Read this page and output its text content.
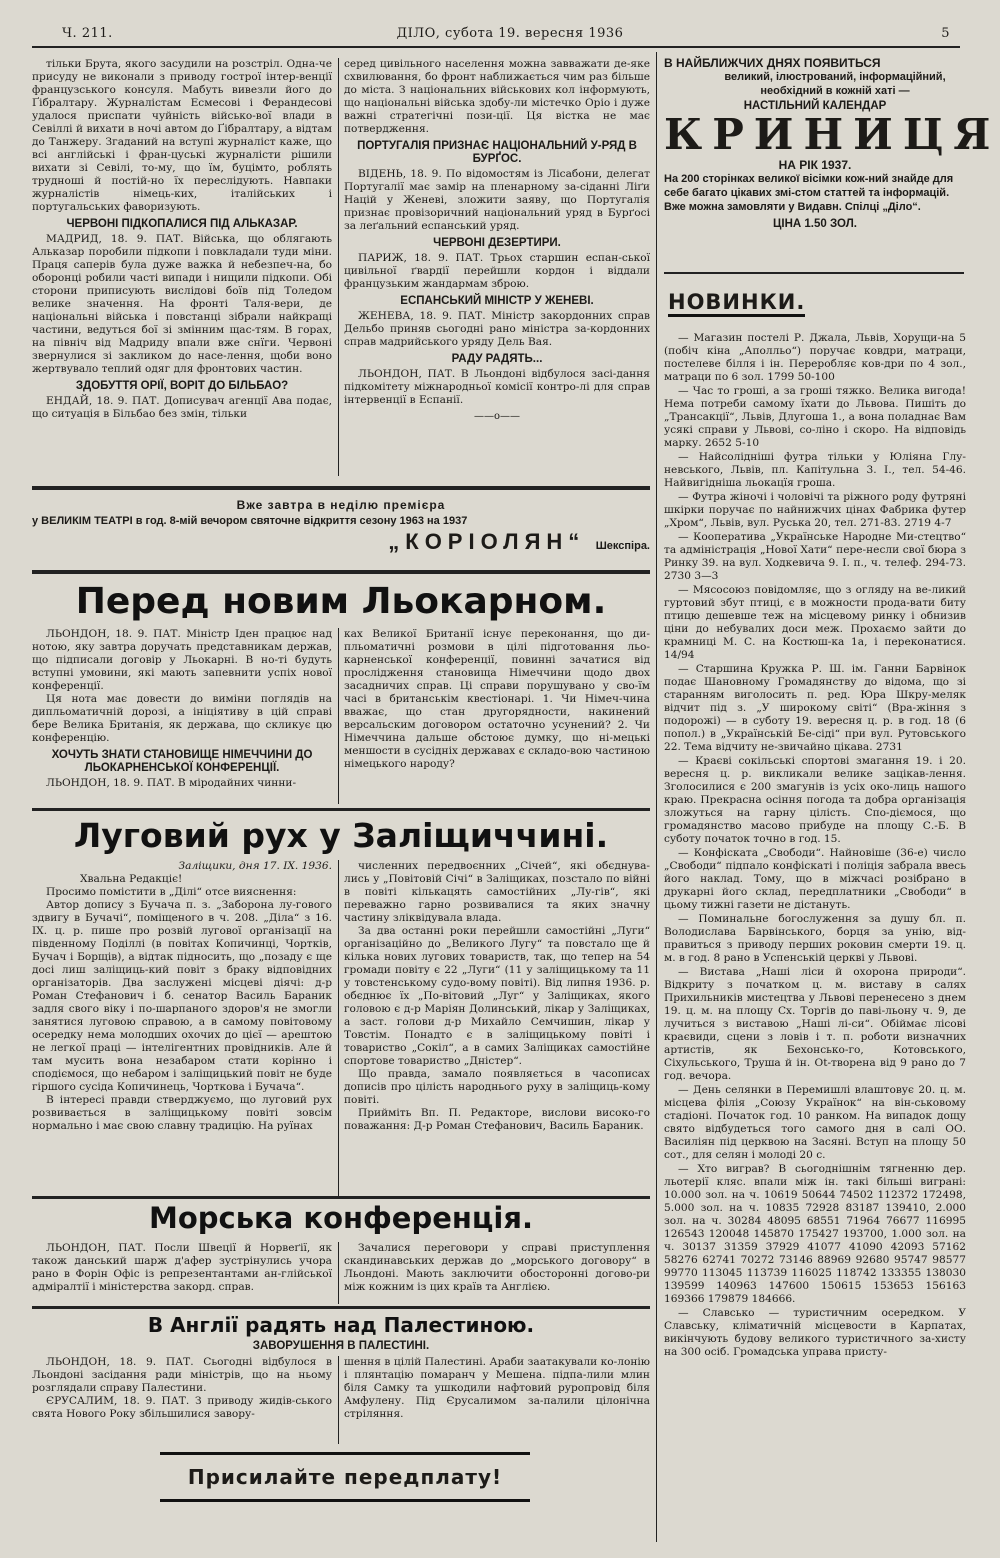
Ч. 211.	ДІЛО, субота 19. вересня 1936	5

тільки Брута, якого засудили на розстріл. Одна-че присуду не виконали з приводу гострої інтер-венції французського консуля. Мабуть вивезли його до Ґібралтару. Журналістам Есмесові і Ферандесові удалося приспати чуйність військо-вої влади в Севіллі й вихати в ночі автом до Ґібралтару, а відтам до Танжеру. Згаданий на вступі журналіст каже, що всі англійські і фран-цуські журналісти рішили вихати зі Севілі, то-му, що їм, буцімто, роблять трудноші й постій-но їх переслідують. Навпаки журналістів німець-ких, італійських і португальських фаворизують.

ЧЕРВОНІ ПІДКОПАЛИСЯ ПІД АЛЬКАЗАР.

МАДРИД, 18. 9. ПАТ. Війська, що облягають Альказар поробили підкопи і повкладали туди міни. Праця саперів була дуже важка й небезпеч-на, бо оборонці робили часті випади і нищили підкопи. Обі сторони приписують вислідові боїв під Толедом велике значення. На фронті Таля-вери, де національні війська і повстанці зібрали найкращі частини, ведуться бої зі змінним щас-тям. В горах, на північ від Мадриду впали вже снїги. Червоні звернулися зі закликом до насе-лення, щоби воно жертвувало теплий одяг для фронтових частин.

ЗДОБУТТЯ ОРІЇ, ВОРІТ ДО БІЛЬБАО?

ЕНДАЙ, 18. 9. ПАТ. Дописувач агенції Ава подає, що ситуація в Більбао без змін, тільки

серед цивільного населення можна завважати де-яке схвилювання, бо фронт наближається чим раз більше до міста. З національних військових кол інформують, що національні війська здобу-ли містечко Оріо і дуже важні стратегічні пози-ції. Ця вістка не має потвердження.

ПОРТУГАЛІЯ ПРИЗНАЄ НАЦІОНАЛЬНИЙ У-РЯД В БУРҐОС.

ВІДЕНЬ, 18. 9. По відомостям із Лісабони, делегат Португалії має замір на пленарному за-сіданні Ліґи Націй у Женеві, зложити заяву, що Португалія признає провізоричний національний уряд в Бурґосі за леґальний еспанський уряд.

ЧЕРВОНІ ДЕЗЕРТИРИ.

ПАРИЖ, 18. 9. ПАТ. Трьох старшин еспан-ської цивільної ґвардії перейшли кордон і віддали французьким жандармам зброю.

ЕСПАНСЬКИЙ МІНІСТР У ЖЕНЕВІ.

ЖЕНЕВА, 18. 9. ПАТ. Міністр закордонних справ Дельбо приняв сьогодні рано міністра за-кордонних справ мадрийського уряду Дель Вая.

РАДУ РАДЯТЬ...

ЛЬОНДОН, ПАТ. В Льондоні відбулося засі-дання підкомітету міжнародньої комісії контро-лі для справ інтервенції в Еспанії.

——o——

В НАЙБЛИЖЧИХ ДНЯХ ПОЯВИТЬСЯ

великий, ілюстрований, інформаційний, необхідний в кожній хаті —

НАСТІЛЬНИЙ КАЛЕНДАР

КРИНИЦЯ

НА РІК 1937.

На 200 сторінках великої вісімки кож-ний знайде для себе багато цікавих змі-стом статтей та інформацій.

Вже можна замовляти у Видавн. Спілці „Діло“.

ЦІНА 1.50 ЗОЛ.

НОВИНКИ.

— Магазин постелі Р. Джала, Львів, Хорущи-на 5 (побіч кіна „Аполльо“) поручає ковдри, матраци, постелеве білля і ін. Переробляє ков-дри по 4 зол., матраци по 6 зол. 1799 50-100

— Час то гроші, а за гроші тяжко. Велика вигода! Нема потреби самому їхати до Львова. Пишіть до „Трансакції“, Львів, Длугоша 1., а вона поладнає Вам усякі справи у Львові, со-ліно і скоро. На відповідь марку. 2652 5-10

— Найсолідніші футра тільки у Юліяна Глу-невського, Львів, пл. Капітульна 3. І., тел. 54-46. Найвигідніша льокацїя гроша.

— Футра жіночі і чоловічі та ріжного роду футряні шкірки поручає по найнижчих цінах Фабрика футер „Хром“, Львів, вул. Руська 20, тел. 271-83. 2719 4-7

— Кооператива „Українське Народне Ми-стецтво“ та адміністрація „Нової Хати“ пере-несли свої бюра з Ринку 39. на вул. Ходкевича 9. І. п., ч. телеф. 294-73. 2730 3—3

— Мясосоюз повідомляє, що з огляду на ве-ликий гуртовий збут птиці, є в можности прода-вати биту птицю дешевше теж на місцевому ринку і обнизив ціни до небувалих доси меж. Прохаємо зайти до крамниці М. С. на Костюш-ка 1а, і переконатися. 14/94

— Старшина Кружка Р. Ш. ім. Ганни Барвінок подає Шановному Громадянству до відома, що зі старанням виголосить п. ред. Юра Шкру-меляк відчит під з. „У широкому світі“ (Вра-жіння з подорожі) — в суботу 19. вересня ц. р. в год. 18 (6 попол.) в „Українській Бе-сіді“ при вул. Рутовського 22. Тема відчиту не-звичайно цікава. 2731

— Краєві сокільські спортові змагання 19. і 20. вересня ц. р. викликали велике зацікав-лення. Зголосилися є 200 змагунів із усіх око-лиць нашого краю. Прекрасна осіння погода та добра організація зложуться на гарну цілість. Спо-діємося, що громадянство масово прибуде на площу С.-Б. В суботу початок точно в год. 15.

— Конфіската „Свободи“. Найновіше (36-е) число „Свободи“ підпало конфіскаті і поліція забрала ввесь його наклад. Тому, що в міжчасі розібрано в друкарні його склад, передплатники „Свободи“ в цьому тижні газети не дістануть.

— Поминальне богослуження за душу бл. п. Володислава Барвінського, борця за унію, від-правиться з приводу перших роковин смерти 19. ц. м. в год. 8 рано в Успенській церкві у Львові.

— Вистава „Наші ліси й охорона природи“. Відкриту з початком ц. м. виставу в салях Прихильників мистецтва у Львові перенесено з днем 19. ц. м. на площу Сх. Торгів до паві-льону ч. 9, де лучиться з виставою „Наші лі-си“. Обіймає лісові краєвиди, сцени з ловів і т. п. роботи визначних артистів, як Бехонсько-го, Котовського, Сіхульського, Труша й ін. Ot-творена від 9 рано до 7 год. вечора.

— День селянки в Перемишлі влаштовує 20. ц. м. місцева філія „Союзу Українок“ на він-ськовому стадіоні. Початок год. 10 ранком. На випадок дощу свято відбудеться того самого дня в салі ОО. Василіян під церквою на Засяні. Вступ на площу 50 сот., для селян і молоді 20 с.

— Хто виграв? В сьогоднішнім тягненню дер. льотерії кляс. впали між ін. такі більші виграні: 10.000 зол. на ч. 10619 50644 74502 112372 172498, 5.000 зол. на ч. 10835 72928 83187 139410, 2.000 зол. на ч. 30284 48095 68551 71964 76677 116995 126543 120048 145870 175427 193700, 1.000 зол. на ч. 30137 31359 37929 41077 41090 42093 57162 58276 62741 70272 73146 88969 92680 95747 98577 99770 113045 113739 116025 118742 133355 138030 139599 140963 147600 150615 153653 156163 169366 179879 184666.

— Славсько — туристичним осередком. У Славську, кліматичній місцевости в Карпатах, викінчують будову великого туристичного за-хисту на 300 осіб. Громадська управа присту-

Вже завтра в неділю премієра
у ВЕЛИКІМ ТЕАТРІ в год. 8-мій вечором святочне відкриття сезону 1963 на 1937
„КОРІОЛЯН“ Шекспіра.
Перед новим Льокарном.

ЛЬОНДОН, 18. 9. ПАТ. Міністр Іден працює над нотою, яку завтра доручать представникам держав, що підписали договір у Льокарні. В но-ті будуть вступні умовини, які мають запевнити успіх нової конференції.

Ця нота має довести до виміни поглядів на дипльоматичній дорозі, а ініціятиву в цій справі бере Велика Британія, як держава, що скликує цю конференцію.

ХОЧУТЬ ЗНАТИ СТАНОВИЩЕ НІМЕЧЧИНИ ДО ЛЬОКАРНЕНСЬКОЇ КОНФЕРЕНЦІЇ.

ЛЬОНДОН, 18. 9. ПАТ. В міродайних чинни-

ках Великої Британії існує переконання, що ди-пльоматичні розмови в цілі підготовання льо-карненської конференції, повинні зачатися від прослідження становища Німеччини щодо двох засадничих справ. Ці справи порушувано у сво-їм часі в британськім квестіонарі. 1. Чи Німеч-чина вважає, що стан другорядности, накинений версальским договором остаточно усунений? 2. Чи Німеччина дальше обстоює думку, що ні-мецькі меншости в сусідніх державах є складо-вою частиною німецького народу?

Луговий рух у Заліщиччині.
Заліщики, дня 17. IX. 1936.
Хвальна Редакціє!

Просимо помістити в „Ділі“ отсе вияснення:

Автор допису з Бучача п. з. „Заборона лу-гового здвигу в Бучачі“, поміщеного в ч. 208. „Діла“ з 16. IX. ц. р. пише про розвій лугової організації на південному Поділлі (в повітах Копичинці, Чортків, Бучач і Борщів), а відтак підносить, що „позаду є ще досі лиш заліщиць-кий повіт з браку відповідних організаторів. Два заслужені місцеві діячі: д-р Роман Стефанович і б. сенатор Василь Бараник задля свого віку і по-шарпаного здоров'я не змогли занятися луговою справою, а в самому повітовому осередку нема молодших охочих до цієї — арештою не легкої праці — інтелігентних провідників. Але й там мусить вона незабаром стати корінно і сподіємося, що небаром і заліщицький повіт не буде гіршого сусіда Копичинець, Чорткова і Бучача“.

В інтересі правди стверджуємо, що луговий рух розвивається в заліщицькому повіті зовсім нормально і має свою славну традицію. На руїнах

численних передвоєнних „Січей“, які обєднува-лись у „Повітовій Січі“ в Заліщиках, позстало по війні в повіті кількацять самостійних „Лу-гів“, які переважно гарно розвивалися та яких значну частину зліквідувала влада.

За два останні роки перейшли самостійні „Луги“ організаційно до „Великого Лугу“ та повстало ще й кілька нових лугових товариств, так, що тепер на 54 громади повіту є 22 „Луги“ (11 у заліщицькому та 11 у товстенському судо-вому повіті). Від липня 1936. р. обєднює їх „По-вітовий „Луг“ у Заліщиках, якого головою є д-р Маріян Долинський, лікар у Заліщиках, а заст. голови д-р Михайло Семчишин, лікар у Товстім. Понадто є в заліщицькому повіті і товариство „Сокіл“, а в самих Заліщиках самостійне спортове товариство „Дністер“.

Що правда, замало появляється в часописах дописів про цілість народнього руху в заліщиць-кому повіті.

Прийміть Вп. П. Редакторе, вислови високо-го поважання: Д-р Роман Стефанович, Василь Бараник.

Морська конференція.

ЛЬОНДОН, ПАТ. Посли Швеції й Норвеґії, як також данський шарж д'афер зустрінулись учора рано в Форін Офіс із репрезентантами ан-глійської адміралтії і міністерства закорд. справ.

Зачалися переговори у справі приступлення скандинавських держав до „морського договору“ в Льондоні. Мають заключити обосторонні догово-ри між кожним із цих країв та Англією.

В Англії радять над Палестиною.
ЗАВОРУШЕННЯ В ПАЛЕСТИНІ.

ЛЬОНДОН, 18. 9. ПАТ. Сьогодні відбулося в Льондоні засідання ради міністрів, що на ньому розглядали справу Палестини.

ЄРУСАЛИМ, 18. 9. ПАТ. З приводу жидів-ського свята Нового Року збільшилися завору-

шення в цілій Палестині. Араби заатакували ко-лонію і плянтацію помаранч у Мешена. підпа-лили млин біля Самку та ушкодили нафтовий рурoпровід біля Амфулену. Під Єрусалимом за-палили цілонічна стріляння.

Присилайте передплату!
